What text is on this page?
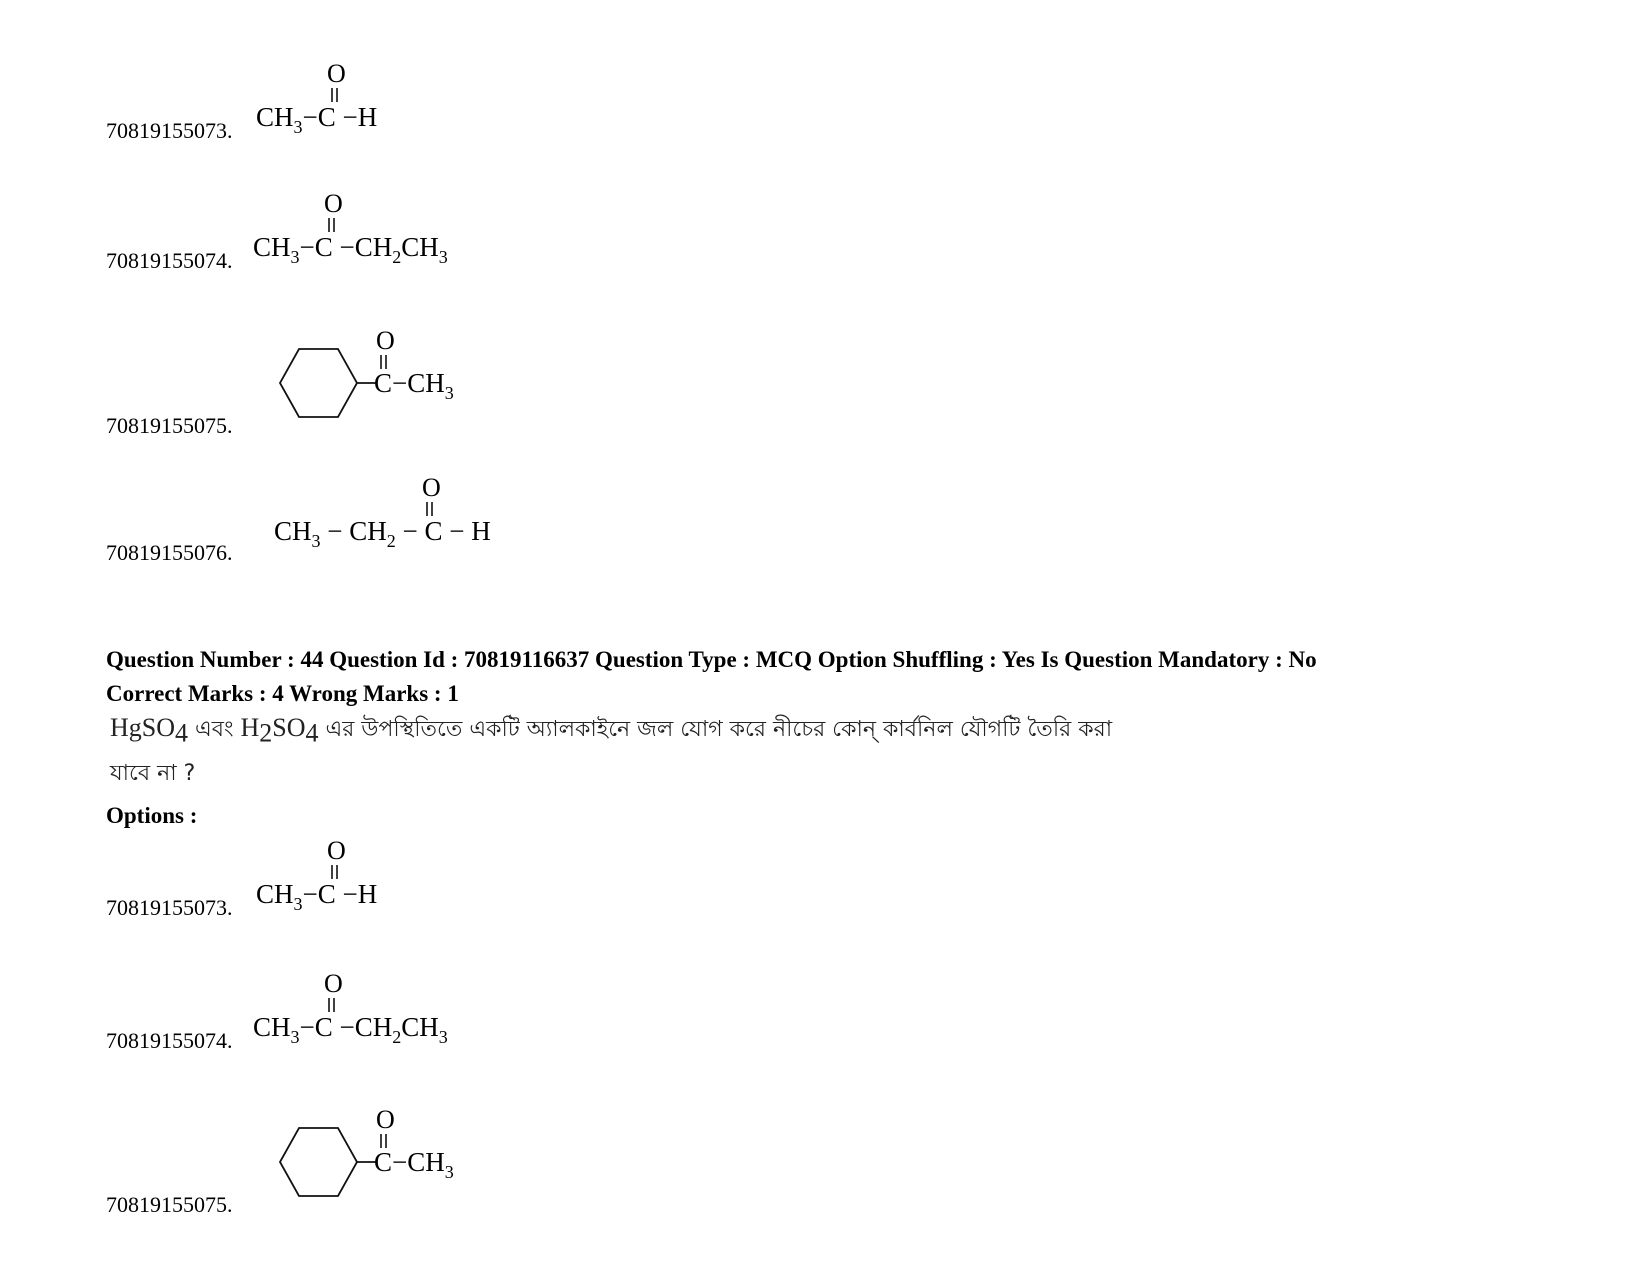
70819155073.
O
$CH_3-C -H$
70819155074.
O
$CH_3-C -CH_2CH_3$
70819155075.
O
$C-CH_3$
70819155076.
O
$CH_3 - CH_2 - C - H$
Question Number : 44 Question Id : 70819116637 Question Type : MCQ Option Shuffling : Yes Is Question Mandatory : No
Correct Marks : 4 Wrong Marks : 1
HgSO$_4$ এবং $H_2SO_4$ এর উপস্থিতিতে একটি অ্যালকাইনে জল যোগ করে নীচের কোন্ কার্বনিল যৌগটি তৈরি করা
যাবে না ?
Options :
70819155073.
O
$CH_3-C -H$
70819155074.
O
$CH_3-C -CH_2CH_3$
70819155075.
O
$C-CH_3$
